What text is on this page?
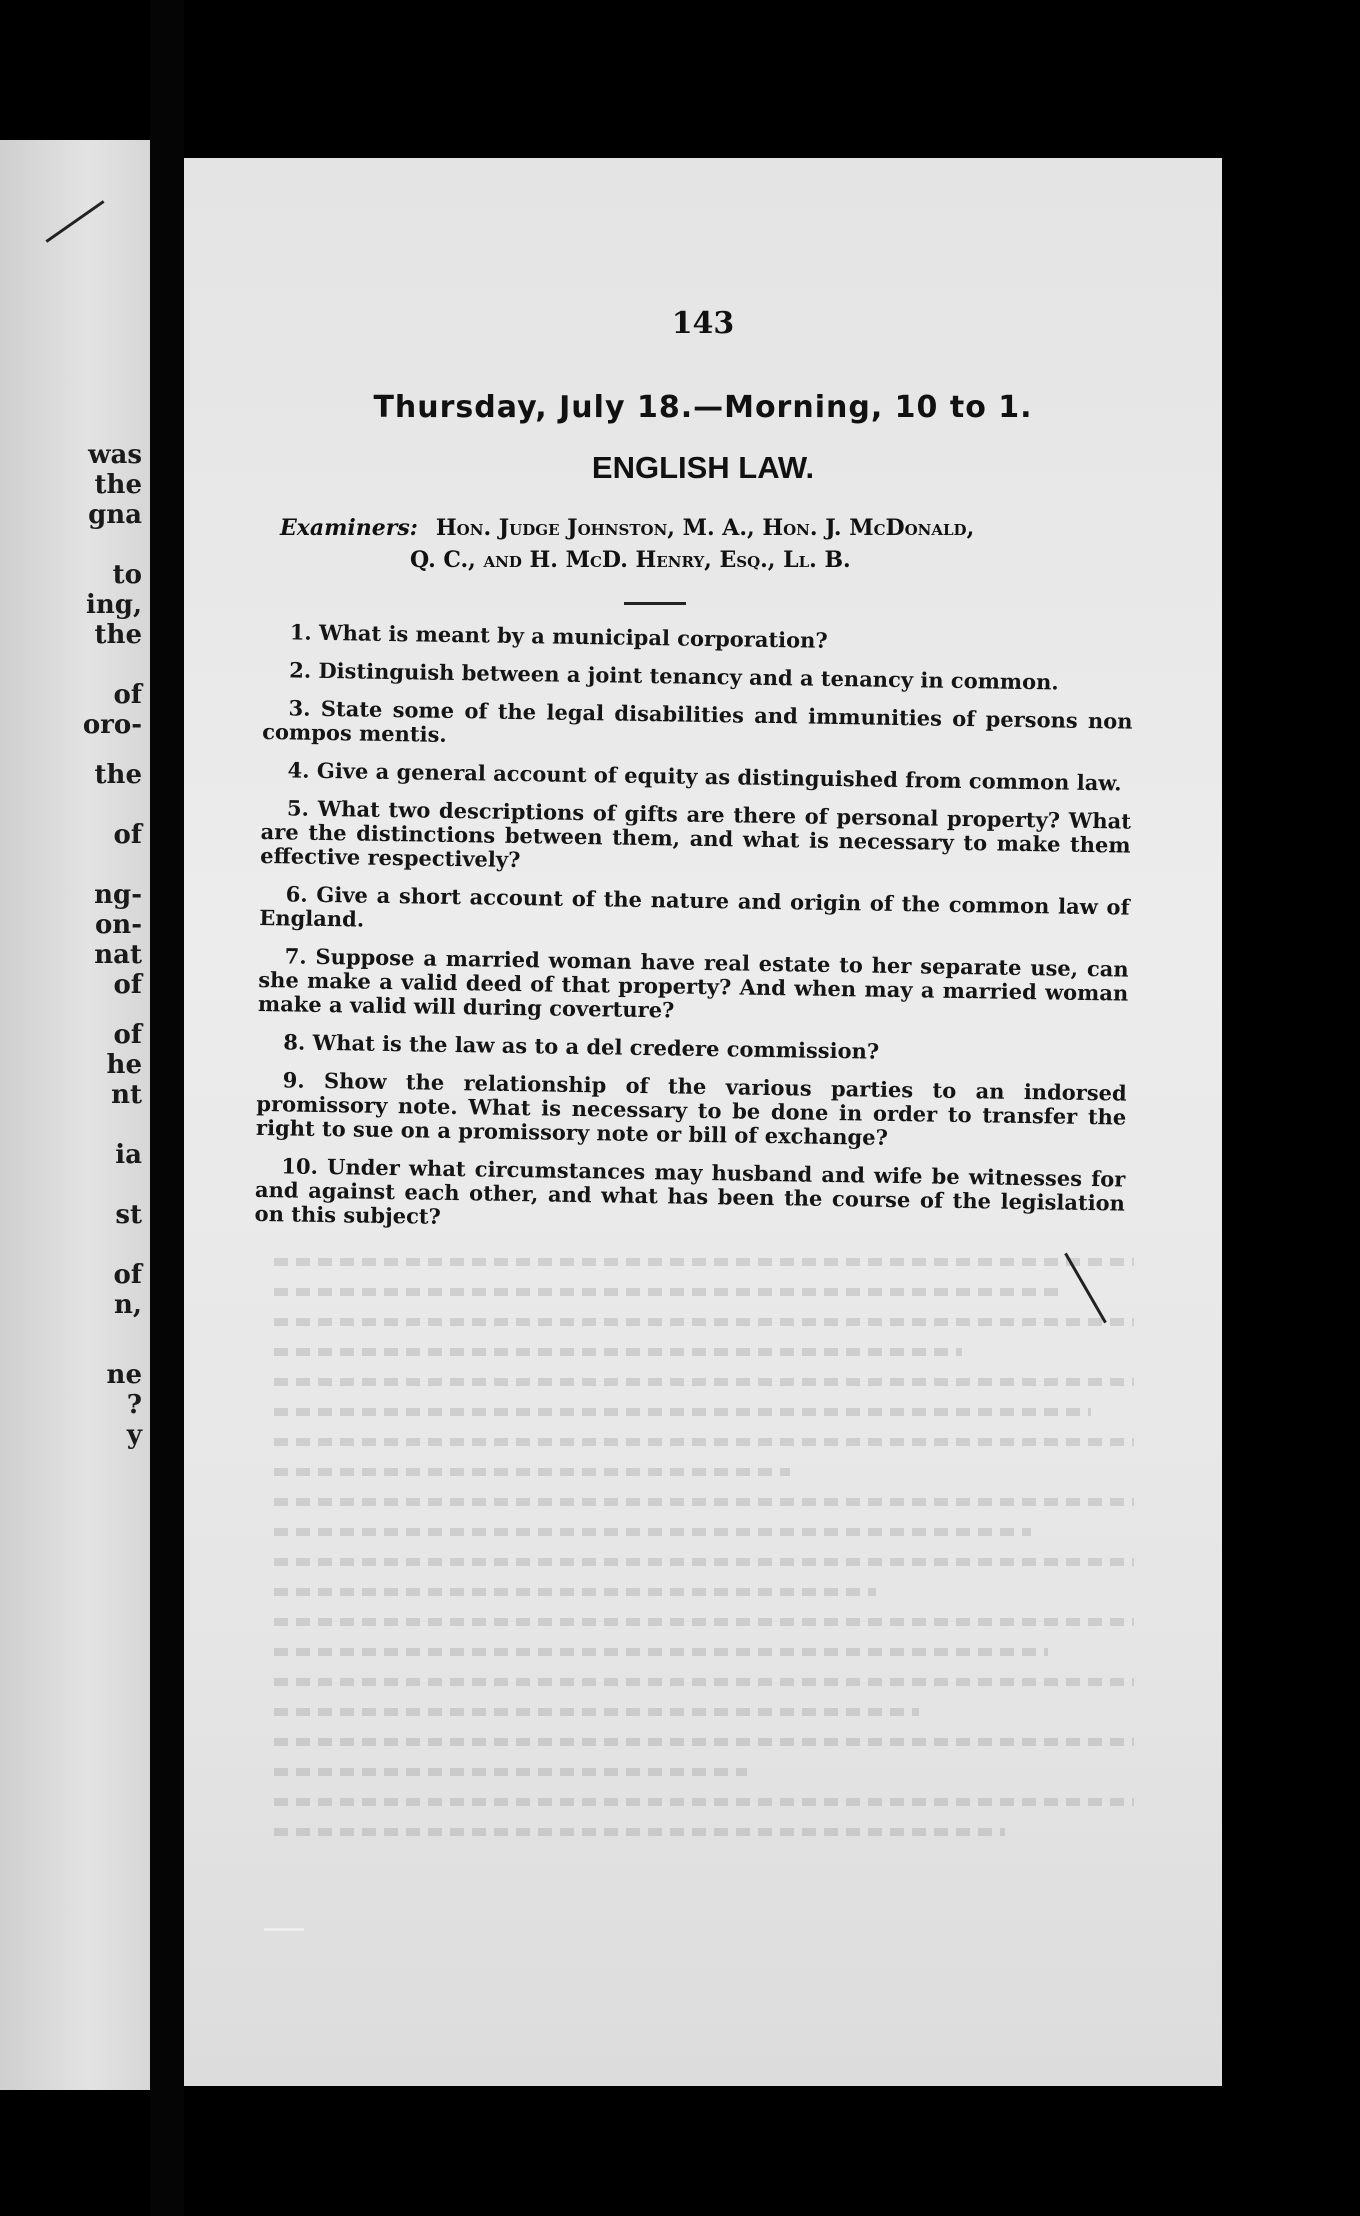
was
the
gna
to
ing,
the
of
oro-
the
of
ng-
on-
nat
of
of
he
nt
ia
st
of
n,
ne
?
y
143
Thursday, July 18.—Morning, 10 to 1.
ENGLISH LAW.
Examiners: Hon. Judge Johnston, M. A., Hon. J. McDonald,
Q. C., and H. McD. Henry, Esq., Ll. B.

1. What is meant by a municipal corporation?

2. Distinguish between a joint tenancy and a tenancy in common.

3. State some of the legal disabilities and immunities of persons non compos mentis.

4. Give a general account of equity as distinguished from common law.

5. What two descriptions of gifts are there of personal property? What are the distinctions between them, and what is necessary to make them effective respectively?

6. Give a short account of the nature and origin of the common law of England.

7. Suppose a married woman have real estate to her separate use, can she make a valid deed of that property? And when may a married woman make a valid will during coverture?

8. What is the law as to a del credere commission?

9. Show the relationship of the various parties to an indorsed promissory note. What is necessary to be done in order to transfer the right to sue on a promissory note or bill of exchange?

10. Under what circumstances may husband and wife be witnesses for and against each other, and what has been the course of the legislation on this subject?
